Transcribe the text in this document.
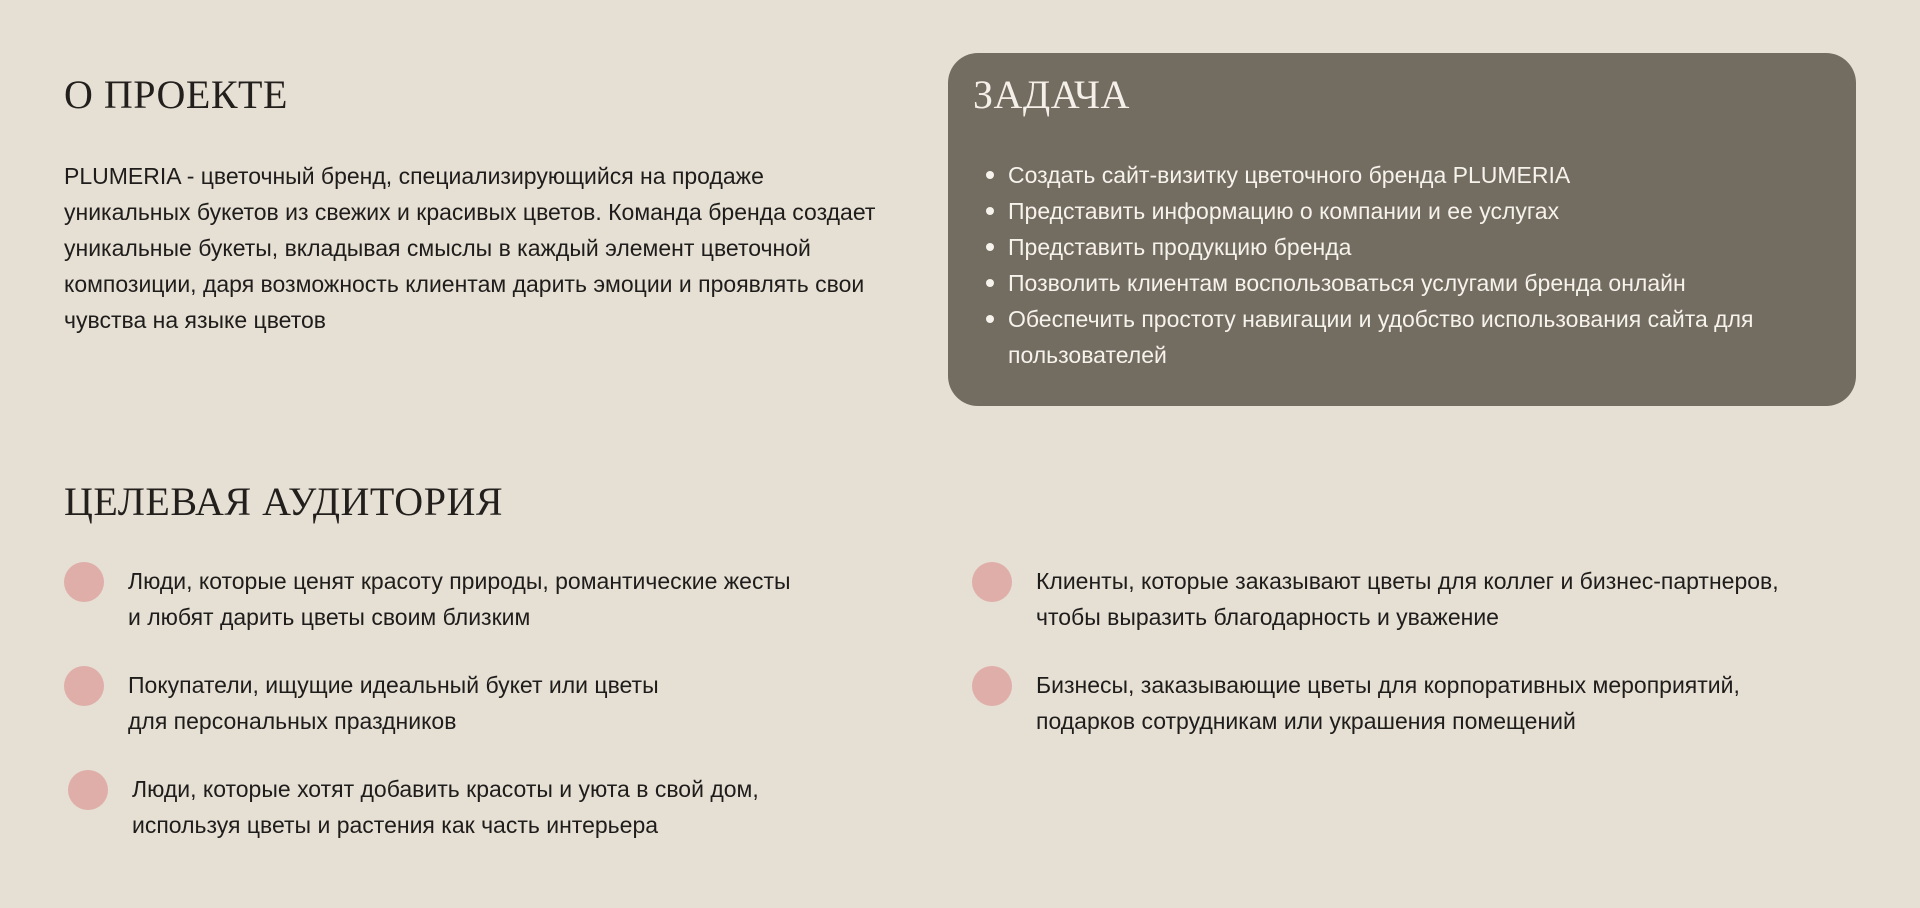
О ПРОЕКТЕ

PLUMERIA - цветочный бренд, специализирующийся на продаже уникальных букетов из свежих и красивых цветов. Команда бренда создает уникальные букеты, вкладывая смыслы в каждый элемент цветочной композиции, даря возможность клиентам дарить эмоции и проявлять свои чувства на языке цветов

ЗАДАЧА
Создать сайт-визитку цветочного бренда PLUMERIA
Представить информацию о компании и ее услугах
Представить продукцию бренда
Позволить клиентам воспользоваться услугами бренда онлайн
Обеспечить простоту навигации и удобство использования сайта для пользователей
ЦЕЛЕВАЯ АУДИТОРИЯ

Люди, которые ценят красоту природы, романтические жесты
и любят дарить цветы своим близким

Покупатели, ищущие идеальный букет или цветы
для персональных праздников

Люди, которые хотят добавить красоты и уюта в свой дом,
используя цветы и растения как часть интерьера

Клиенты, которые заказывают цветы для коллег и бизнес-партнеров,
чтобы выразить благодарность и уважение

Бизнесы, заказывающие цветы для корпоративных мероприятий,
подарков сотрудникам или украшения помещений
